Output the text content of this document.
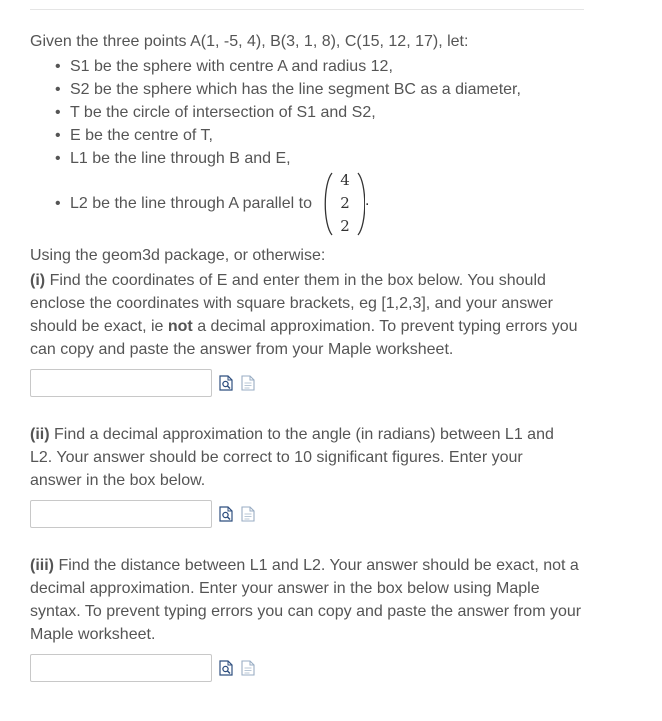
Given the three points A(1, -5, 4), B(3, 1, 8), C(15, 12, 17), let:

• S1 be the sphere with centre A and radius 12,
• S2 be the sphere which has the line segment BC as a diameter,
• T be the circle of intersection of S1 and S2,
• E be the centre of T,
• L1 be the line through B and E,
• L2 be the line through A parallel to
4
2
2
.

Using the geom3d package, or otherwise:

(i) Find the coordinates of E and enter them in the box below. You should

enclose the coordinates with square brackets, eg [1,2,3], and your answer

should be exact, ie not a decimal approximation. To prevent typing errors you

can copy and paste the answer from your Maple worksheet.

(ii) Find a decimal approximation to the angle (in radians) between L1 and

L2. Your answer should be correct to 10 significant figures. Enter your

answer in the box below.

(iii) Find the distance between L1 and L2. Your answer should be exact, not a

decimal approximation. Enter your answer in the box below using Maple

syntax. To prevent typing errors you can copy and paste the answer from your

Maple worksheet.
